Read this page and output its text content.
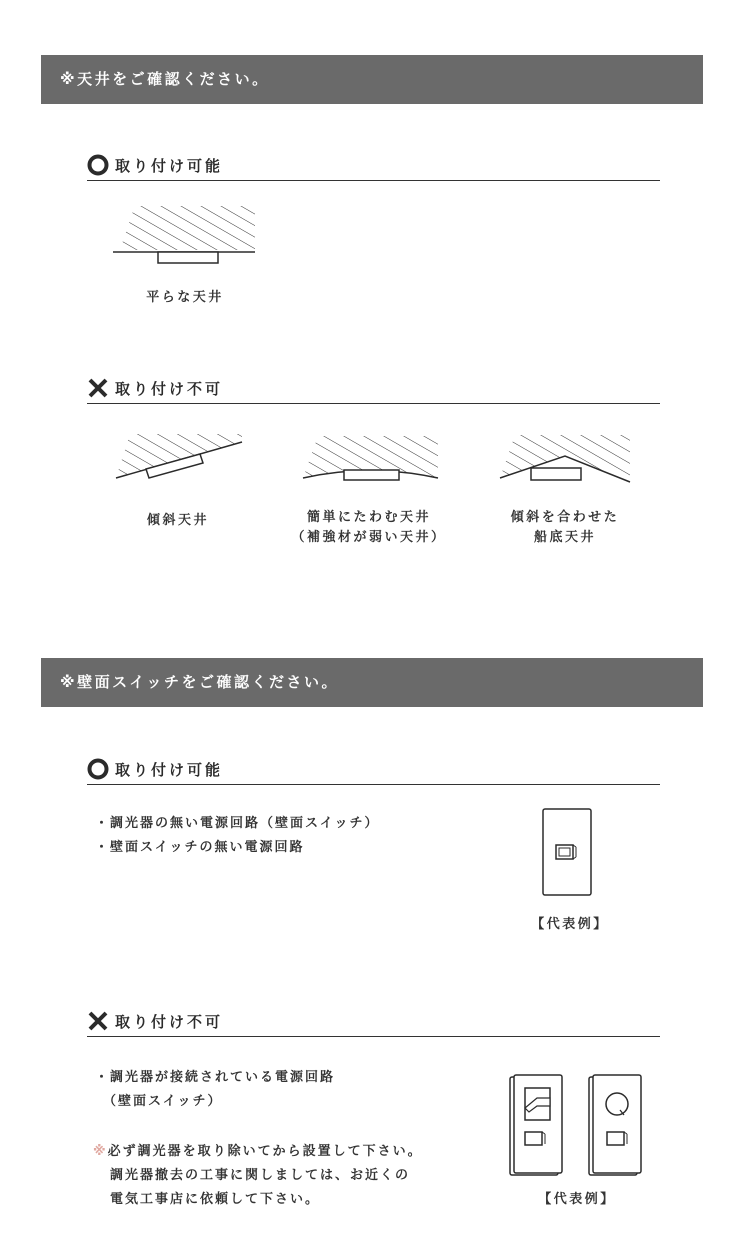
※天井をご確認ください。
取り付け可能
平らな天井
取り付け不可
傾斜天井	簡単にたわむ天井
（補強材が弱い天井）
傾斜を合わせた
船底天井
※壁面スイッチをご確認ください。
取り付け可能
・調光器の無い電源回路（壁面スイッチ）
・壁面スイッチの無い電源回路
【代表例】
取り付け不可
・調光器が接続されている電源回路
（壁面スイッチ）
※必ず調光器を取り除いてから設置して下さい。
調光器撤去の工事に関しましては、お近くの
電気工事店に依頼して下さい。	【代表例】
